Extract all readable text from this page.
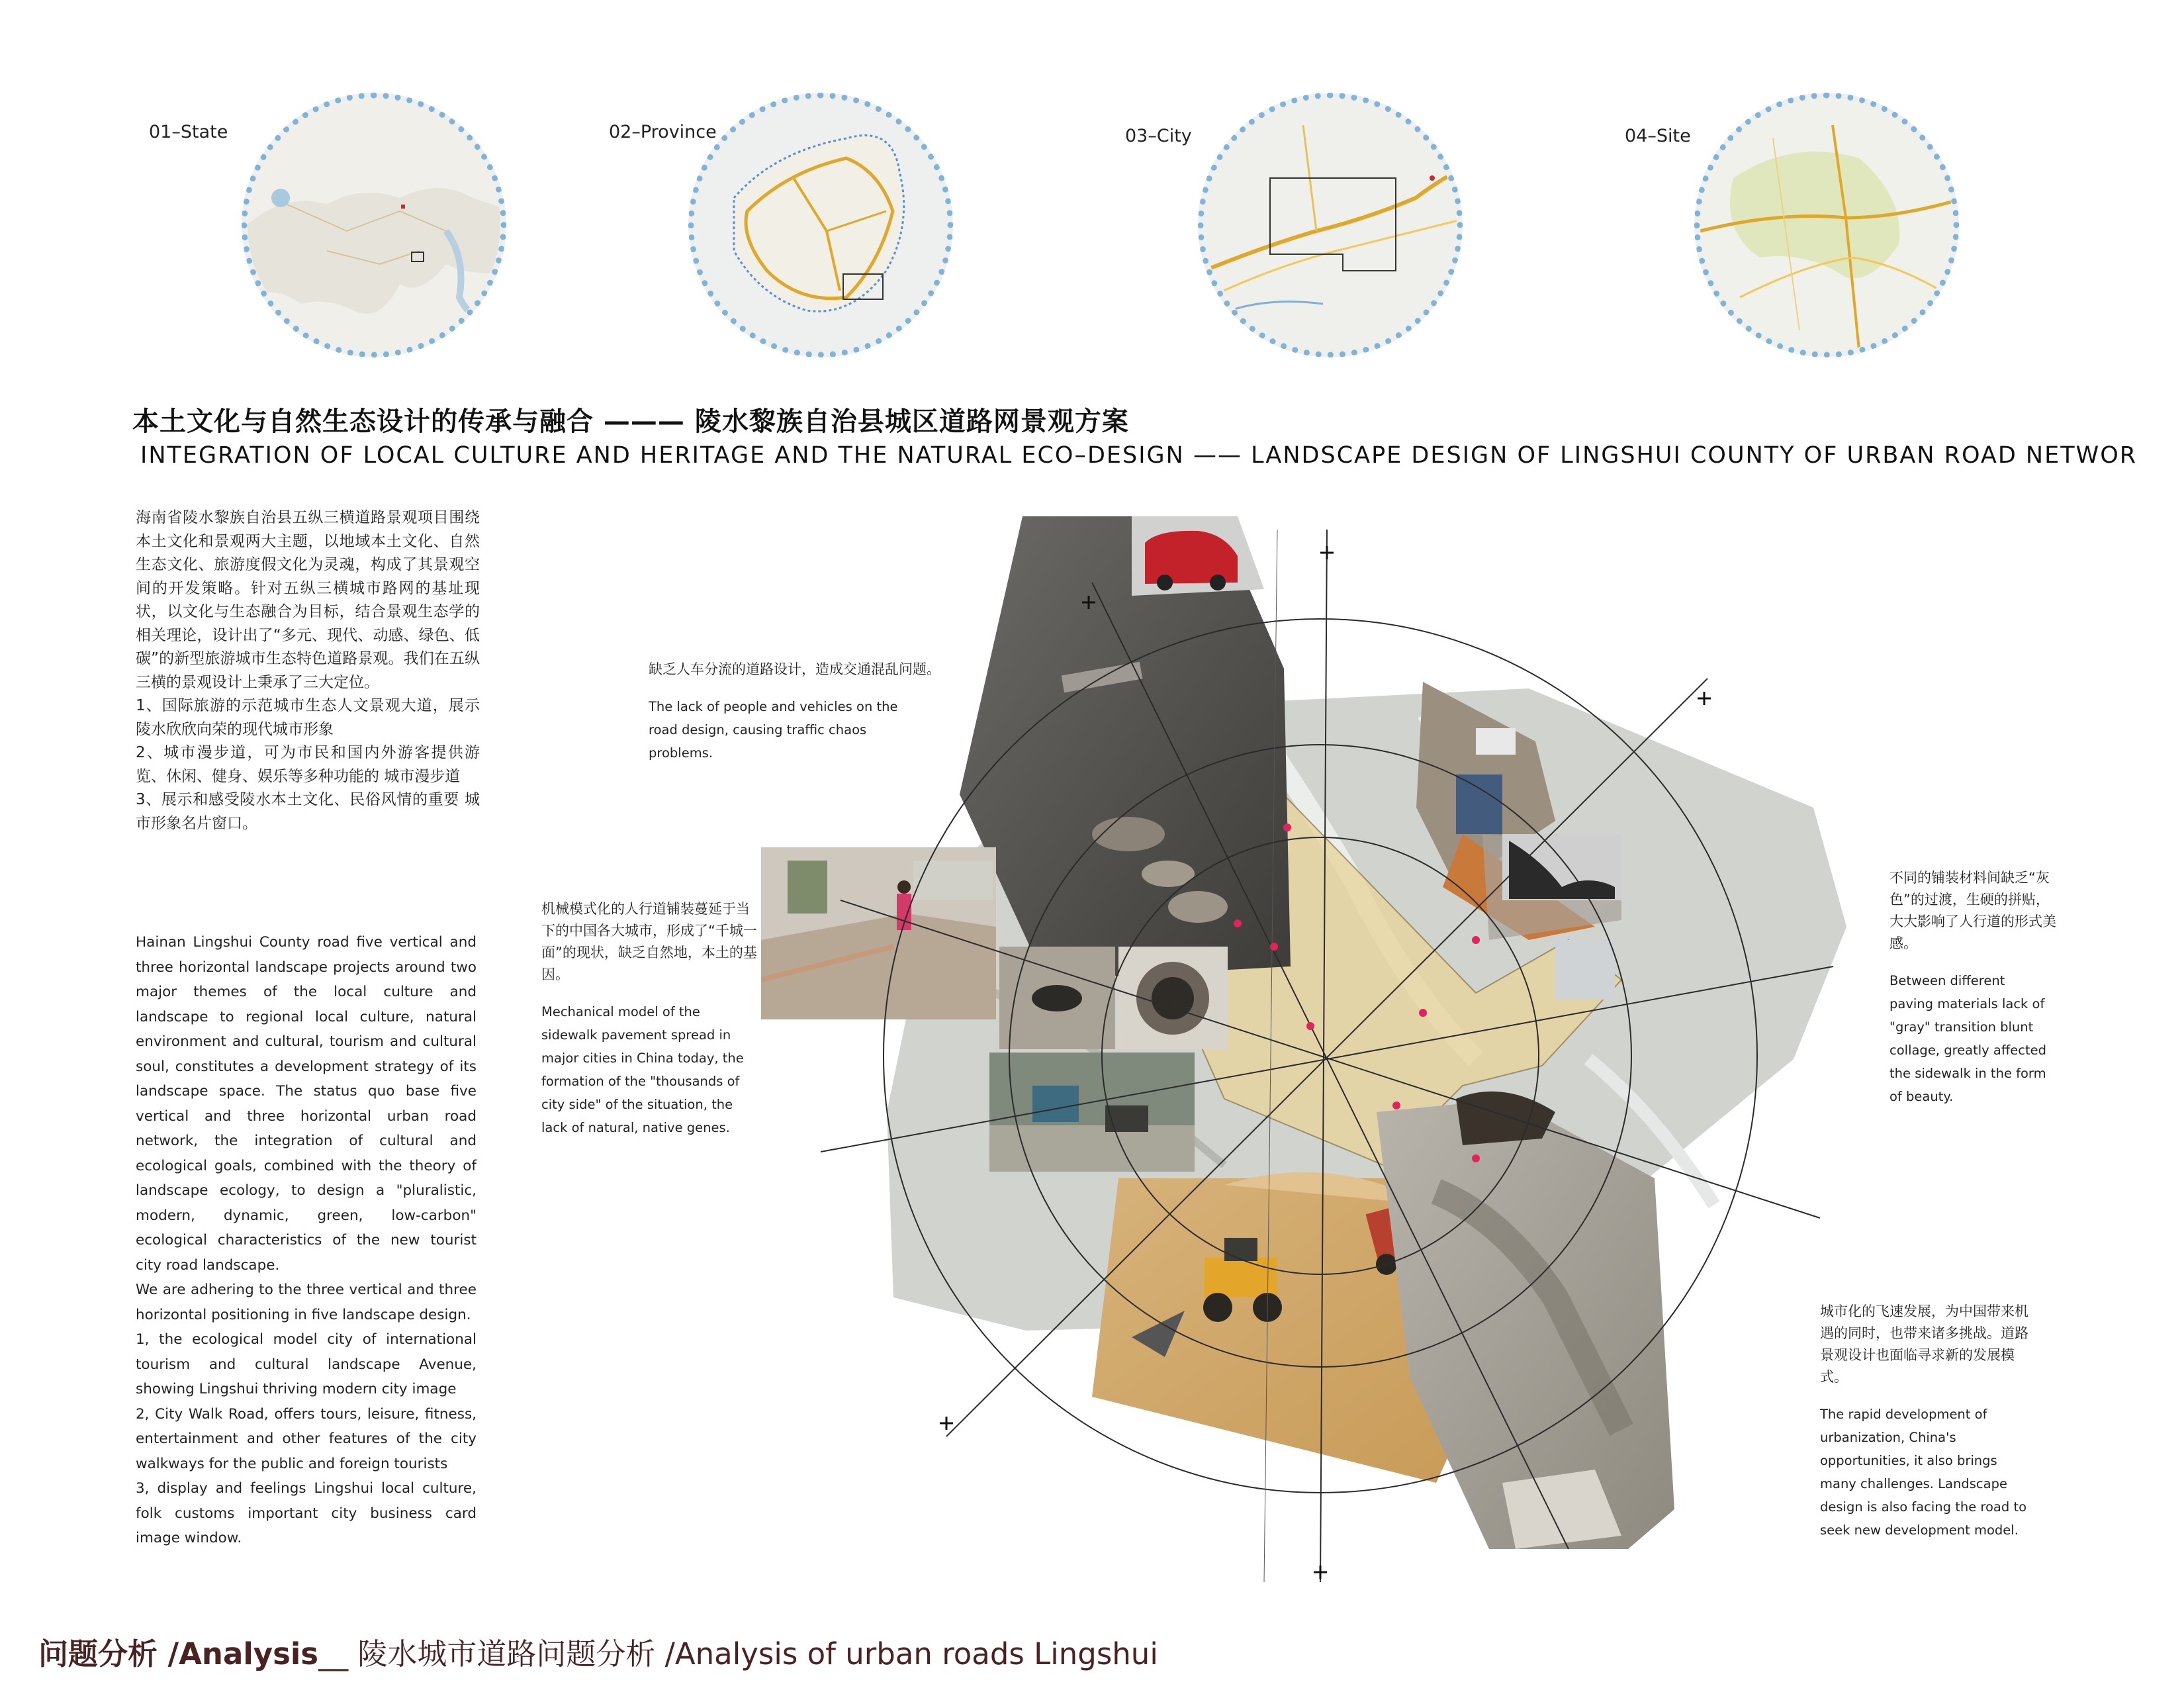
01–State	02–Province	03–City	04–Site
本土文化与自然生态设计的传承与融合 ——— 陵水黎族自治县城区道路网景观方案
INTEGRATION OF LOCAL CULTURE AND HERITAGE AND THE NATURAL ECO–DESIGN —— LANDSCAPE DESIGN OF LINGSHUI COUNTY OF URBAN ROAD NETWOR
海南省陵水黎族自治县五纵三横道路景观项目围绕本土文化和景观两大主题，以地域本土文化、自然生态文化、旅游度假文化为灵魂，构成了其景观空间的开发策略。针对五纵三横城市路网的基址现状，以文化与生态融合为目标，结合景观生态学的相关理论，设计出了“多元、现代、动感、绿色、低碳”的新型旅游城市生态特色道路景观。我们在五纵三横的景观设计上秉承了三大定位。
1、国际旅游的示范城市生态人文景观大道，展示陵水欣欣向荣的现代城市形象
2、城市漫步道，可为市民和国内外游客提供游览、休闲、健身、娱乐等多种功能的 城市漫步道
3、展示和感受陵水本土文化、民俗风情的重要 城市形象名片窗口。
Hainan Lingshui County road five vertical and three horizontal landscape projects around two major themes of the local culture and landscape to regional local culture, natural environment and cultural, tourism and cultural soul, constitutes a development strategy of its landscape space. The status quo base five vertical and three horizontal urban road network, the integration of cultural and ecological goals, combined with the theory of landscape ecology, to design a "pluralistic, modern, dynamic, green, low-carbon" ecological characteristics of the new tourist city road landscape.
We are adhering to the three vertical and three horizontal positioning in five landscape design.
1, the ecological model city of international tourism and cultural landscape Avenue, showing Lingshui thriving modern city image
2, City Walk Road, offers tours, leisure, fitness, entertainment and other features of the city walkways for the public and foreign tourists
3, display and feelings Lingshui local culture, folk customs important city business card image window.
缺乏人车分流的道路设计，造成交通混乱问题。
The lack of people and vehicles on the road design, causing traffic chaos problems.
机械模式化的人行道铺装蔓延于当下的中国各大城市，形成了“千城一面”的现状，缺乏自然地，本土的基因。
Mechanical model of the sidewalk pavement spread in major cities in China today, the formation of the "thousands of city side" of the situation, the lack of natural, native genes.
不同的铺装材料间缺乏“灰色”的过渡，生硬的拼贴，大大影响了人行道的形式美感。
Between different paving materials lack of "gray" transition blunt collage, greatly affected the sidewalk in the form of beauty.
城市化的飞速发展，为中国带来机遇的同时，也带来诸多挑战。道路景观设计也面临寻求新的发展模式。
The rapid development of urbanization, China's opportunities, it also brings many challenges. Landscape design is also facing the road to seek new development model.
问题分析 /Analysis__ 陵水城市道路问题分析 /Analysis of urban roads Lingshui
